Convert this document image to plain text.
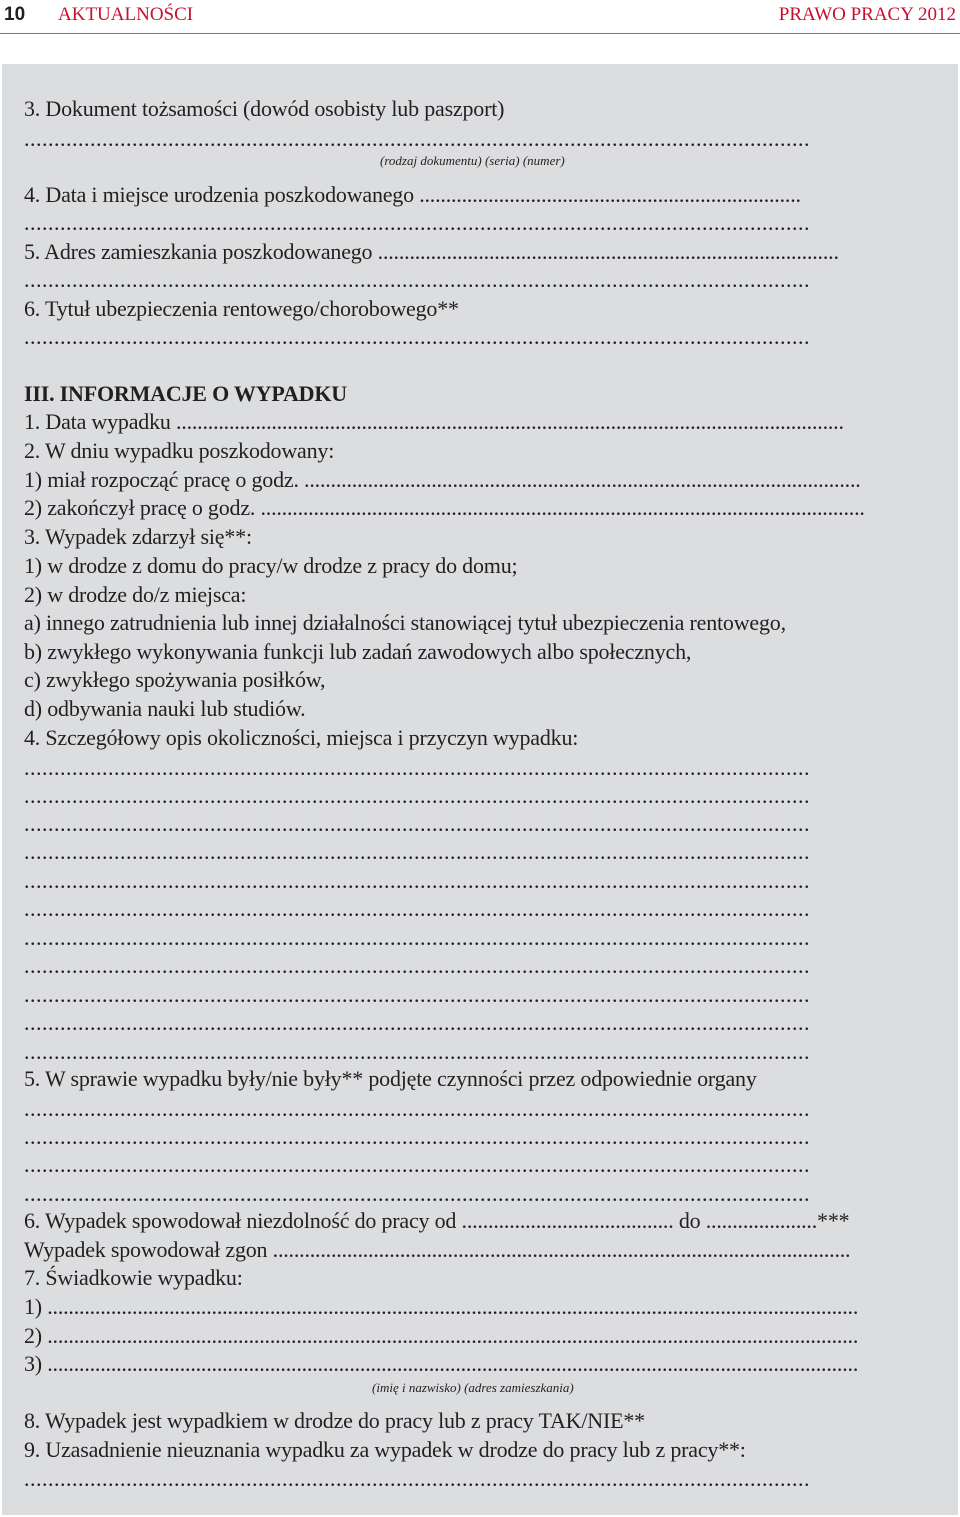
10 AKTUALNOŚCI	PRAWO PRACY 2012
3. Dokument tożsamości (dowód osobisty lub paszport)
...................................................................................................................................
(rodzaj dokumentu) (seria) (numer)
4. Data i miejsce urodzenia poszkodowanego ........................................................................
...................................................................................................................................
5. Adres zamieszkania poszkodowanego .......................................................................................
...................................................................................................................................
6. Tytuł ubezpieczenia rentowego/chorobowego**
...................................................................................................................................
III. INFORMACJE O WYPADKU
1. Data wypadku ..............................................................................................................................
2. W dniu wypadku poszkodowany:
1) miał rozpocząć pracę o godz. .........................................................................................................
2) zakończył pracę o godz. ..................................................................................................................
3. Wypadek zdarzył się**:
1) w drodze z domu do pracy/w drodze z pracy do domu;
2) w drodze do/z miejsca:
a) innego zatrudnienia lub innej działalności stanowiącej tytuł ubezpieczenia rentowego,
b) zwykłego wykonywania funkcji lub zadań zawodowych albo społecznych,
c) zwykłego spożywania posiłków,
d) odbywania nauki lub studiów.
4. Szczegółowy opis okoliczności, miejsca i przyczyn wypadku:
...................................................................................................................................
...................................................................................................................................
...................................................................................................................................
...................................................................................................................................
...................................................................................................................................
...................................................................................................................................
...................................................................................................................................
...................................................................................................................................
...................................................................................................................................
...................................................................................................................................
...................................................................................................................................
5. W sprawie wypadku były/nie były** podjęte czynności przez odpowiednie organy
...................................................................................................................................
...................................................................................................................................
...................................................................................................................................
...................................................................................................................................
6. Wypadek spowodował niezdolność do pracy od ........................................ do .....................***
Wypadek spowodował zgon .............................................................................................................
7. Świadkowie wypadku:
1) .........................................................................................................................................................
2) .........................................................................................................................................................
3) .........................................................................................................................................................
(imię i nazwisko) (adres zamieszkania)
8. Wypadek jest wypadkiem w drodze do pracy lub z pracy TAK/NIE**
9. Uzasadnienie nieuznania wypadku za wypadek w drodze do pracy lub z pracy**:
...................................................................................................................................
